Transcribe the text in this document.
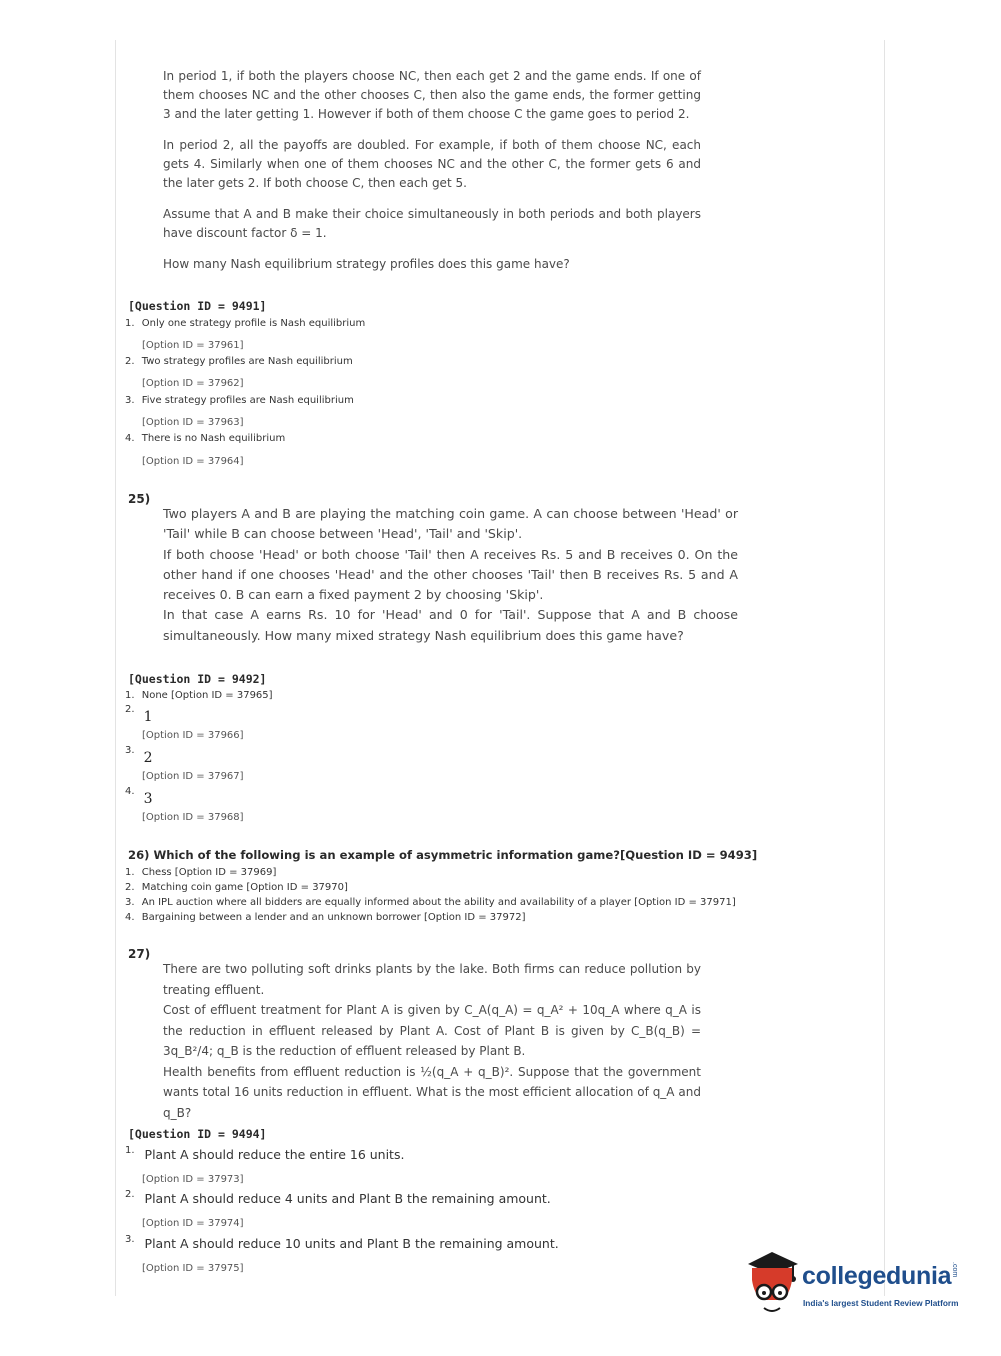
In period 1, if both the players choose NC, then each get 2 and the game ends. If one of them chooses NC and the other chooses C, then also the game ends, the former getting 3 and the later getting 1. However if both of them choose C the game goes to period 2.

In period 2, all the payoffs are doubled. For example, if both of them choose NC, each gets 4. Similarly when one of them chooses NC and the other C, the former gets 6 and the later gets 2. If both choose C, then each get 5.

Assume that A and B make their choice simultaneously in both periods and both players have discount factor δ = 1.

How many Nash equilibrium strategy profiles does this game have?

[Question ID = 9491]
1. Only one strategy profile is Nash equilibrium
[Option ID = 37961]
2. Two strategy profiles are Nash equilibrium
[Option ID = 37962]
3. Five strategy profiles are Nash equilibrium
[Option ID = 37963]
4. There is no Nash equilibrium
[Option ID = 37964]
25)

Two players A and B are playing the matching coin game. A can choose between 'Head' or 'Tail' while B can choose between 'Head', 'Tail' and 'Skip'.

If both choose 'Head' or both choose 'Tail' then A receives Rs. 5 and B receives 0. On the other hand if one chooses 'Head' and the other chooses 'Tail' then B receives Rs. 5 and A receives 0. B can earn a fixed payment 2 by choosing 'Skip'.

In that case A earns Rs. 10 for 'Head' and 0 for 'Tail'. Suppose that A and B choose simultaneously. How many mixed strategy Nash equilibrium does this game have?

[Question ID = 9492]
1. None [Option ID = 37965]
$^{2.}$ 1
[Option ID = 37966]
$^{3.}$ 2
[Option ID = 37967]
$^{4.}$ 3
[Option ID = 37968]
26) Which of the following is an example of asymmetric information game?[Question ID = 9493]
1. Chess [Option ID = 37969]
2. Matching coin game [Option ID = 37970]
3. An IPL auction where all bidders are equally informed about the ability and availability of a player [Option ID = 37971]
4. Bargaining between a lender and an unknown borrower [Option ID = 37972]
27)

There are two polluting soft drinks plants by the lake. Both firms can reduce pollution by treating effluent.

Cost of effluent treatment for Plant A is given by C_A(q_A) = q_A² + 10q_A where q_A is the reduction in effluent released by Plant A. Cost of Plant B is given by C_B(q_B) = 3q_B²/4; q_B is the reduction of effluent released by Plant B.

Health benefits from effluent reduction is ½(q_A + q_B)². Suppose that the government wants total 16 units reduction in effluent. What is the most efficient allocation of q_A and q_B?

[Question ID = 9494]
$^{1.}$ Plant A should reduce the entire 16 units.
[Option ID = 37973]
$^{2.}$ Plant A should reduce 4 units and Plant B the remaining amount.
[Option ID = 37974]
$^{3.}$ Plant A should reduce 10 units and Plant B the remaining amount.
[Option ID = 37975]	collegedunia.com
India's largest Student Review Platform
